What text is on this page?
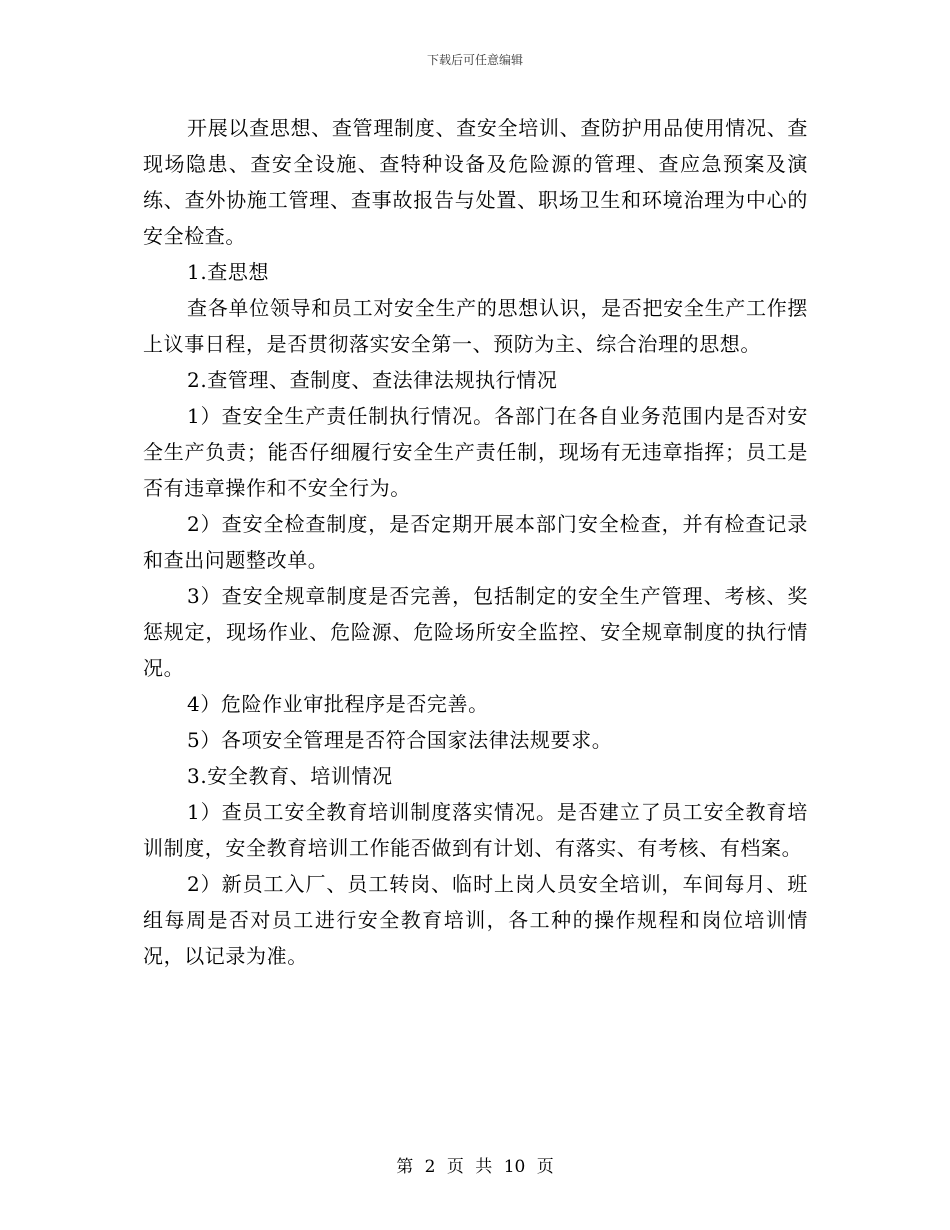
下载后可任意编辑

开展以查思想、查管理制度、查安全培训、查防护用品使用情况、查现场隐患、查安全设施、查特种设备及危险源的管理、查应急预案及演练、查外协施工管理、查事故报告与处置、职场卫生和环境治理为中心的安全检查。

1.查思想

查各单位领导和员工对安全生产的思想认识，是否把安全生产工作摆上议事日程，是否贯彻落实安全第一、预防为主、综合治理的思想。

2.查管理、查制度、查法律法规执行情况

1）查安全生产责任制执行情况。各部门在各自业务范围内是否对安全生产负责；能否仔细履行安全生产责任制，现场有无违章指挥；员工是否有违章操作和不安全行为。

2）查安全检查制度，是否定期开展本部门安全检查，并有检查记录和查出问题整改单。

3）查安全规章制度是否完善，包括制定的安全生产管理、考核、奖惩规定，现场作业、危险源、危险场所安全监控、安全规章制度的执行情况。

4）危险作业审批程序是否完善。

5）各项安全管理是否符合国家法律法规要求。

3.安全教育、培训情况

1）查员工安全教育培训制度落实情况。是否建立了员工安全教育培训制度，安全教育培训工作能否做到有计划、有落实、有考核、有档案。

2）新员工入厂、员工转岗、临时上岗人员安全培训，车间每月、班组每周是否对员工进行安全教育培训，各工种的操作规程和岗位培训情况，以记录为准。

第 2 页 共 10 页
